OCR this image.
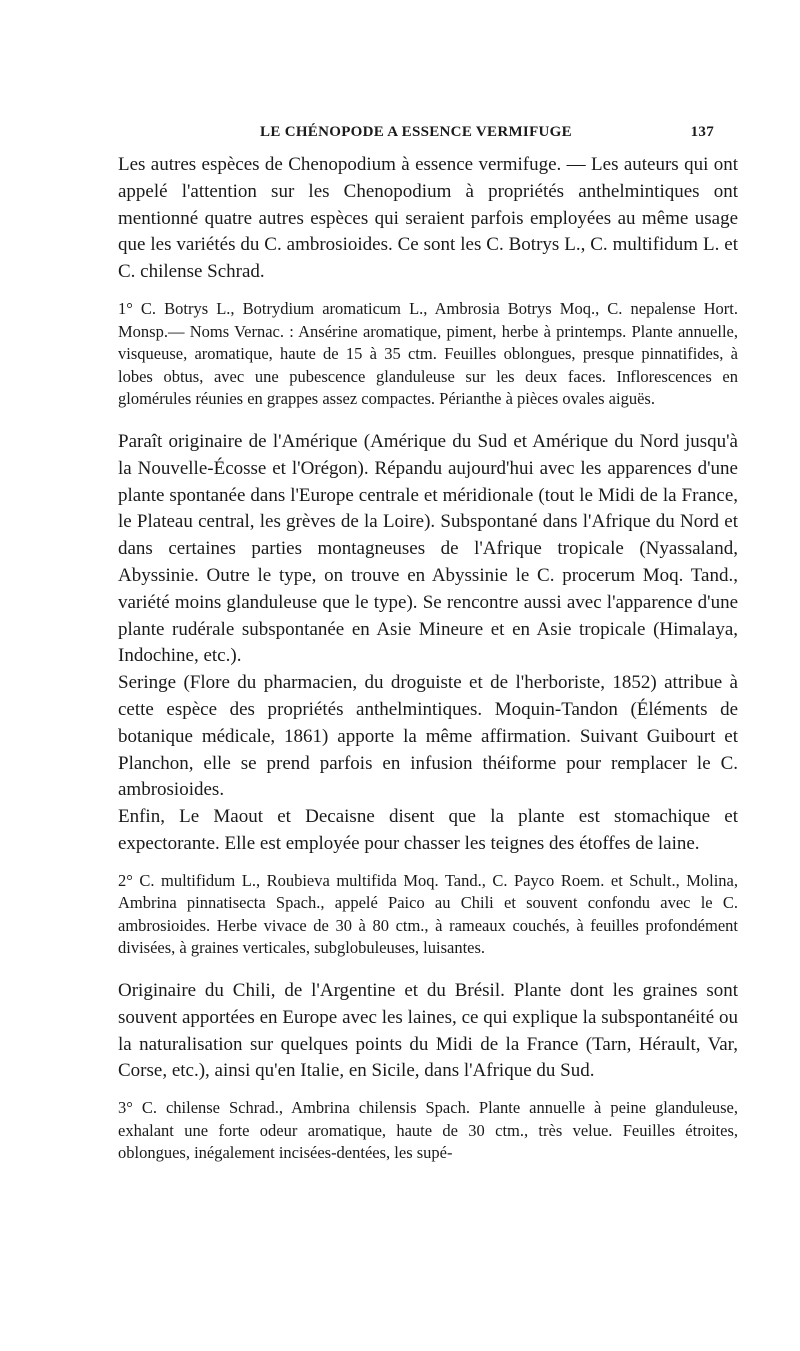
LE CHÉNOPODE A ESSENCE VERMIFUGE	137

Les autres espèces de Chenopodium à essence vermifuge. — Les auteurs qui ont appelé l'attention sur les Chenopodium à propriétés anthelmintiques ont mentionné quatre autres espèces qui seraient parfois employées au même usage que les variétés du C. ambrosioides. Ce sont les C. Botrys L., C. multifidum L. et C. chilense Schrad.

1° C. Botrys L., Botrydium aromaticum L., Ambrosia Botrys Moq., C. nepalense Hort. Monsp.— Noms Vernac. : Ansérine aromatique, piment, herbe à printemps. Plante annuelle, visqueuse, aromatique, haute de 15 à 35 ctm. Feuilles oblongues, presque pinnatifides, à lobes obtus, avec une pubescence glanduleuse sur les deux faces. Inflorescences en glomérules réunies en grappes assez compactes. Périanthe à pièces ovales aiguës.

Paraît originaire de l'Amérique (Amérique du Sud et Amérique du Nord jusqu'à la Nouvelle-Écosse et l'Orégon). Répandu aujourd'hui avec les apparences d'une plante spontanée dans l'Europe centrale et méridionale (tout le Midi de la France, le Plateau central, les grèves de la Loire). Subspontané dans l'Afrique du Nord et dans certaines parties montagneuses de l'Afrique tropicale (Nyassaland, Abyssinie. Outre le type, on trouve en Abyssinie le C. procerum Moq. Tand., variété moins glanduleuse que le type). Se rencontre aussi avec l'apparence d'une plante rudérale subspontanée en Asie Mineure et en Asie tropicale (Himalaya, Indochine, etc.).

Seringe (Flore du pharmacien, du droguiste et de l'herboriste, 1852) attribue à cette espèce des propriétés anthelmintiques. Moquin-Tandon (Éléments de botanique médicale, 1861) apporte la même affirmation. Suivant Guibourt et Planchon, elle se prend parfois en infusion théiforme pour remplacer le C. ambrosioides.

Enfin, Le Maout et Decaisne disent que la plante est stomachique et expectorante. Elle est employée pour chasser les teignes des étoffes de laine.

2° C. multifidum L., Roubieva multifida Moq. Tand., C. Payco Roem. et Schult., Molina, Ambrina pinnatisecta Spach., appelé Paico au Chili et souvent confondu avec le C. ambrosioides. Herbe vivace de 30 à 80 ctm., à rameaux couchés, à feuilles profondément divisées, à graines verticales, subglobuleuses, luisantes.

Originaire du Chili, de l'Argentine et du Brésil. Plante dont les graines sont souvent apportées en Europe avec les laines, ce qui explique la subspontanéité ou la naturalisation sur quelques points du Midi de la France (Tarn, Hérault, Var, Corse, etc.), ainsi qu'en Italie, en Sicile, dans l'Afrique du Sud.

3° C. chilense Schrad., Ambrina chilensis Spach. Plante annuelle à peine glanduleuse, exhalant une forte odeur aromatique, haute de 30 ctm., très velue. Feuilles étroites, oblongues, inégalement incisées-dentées, les supé-
